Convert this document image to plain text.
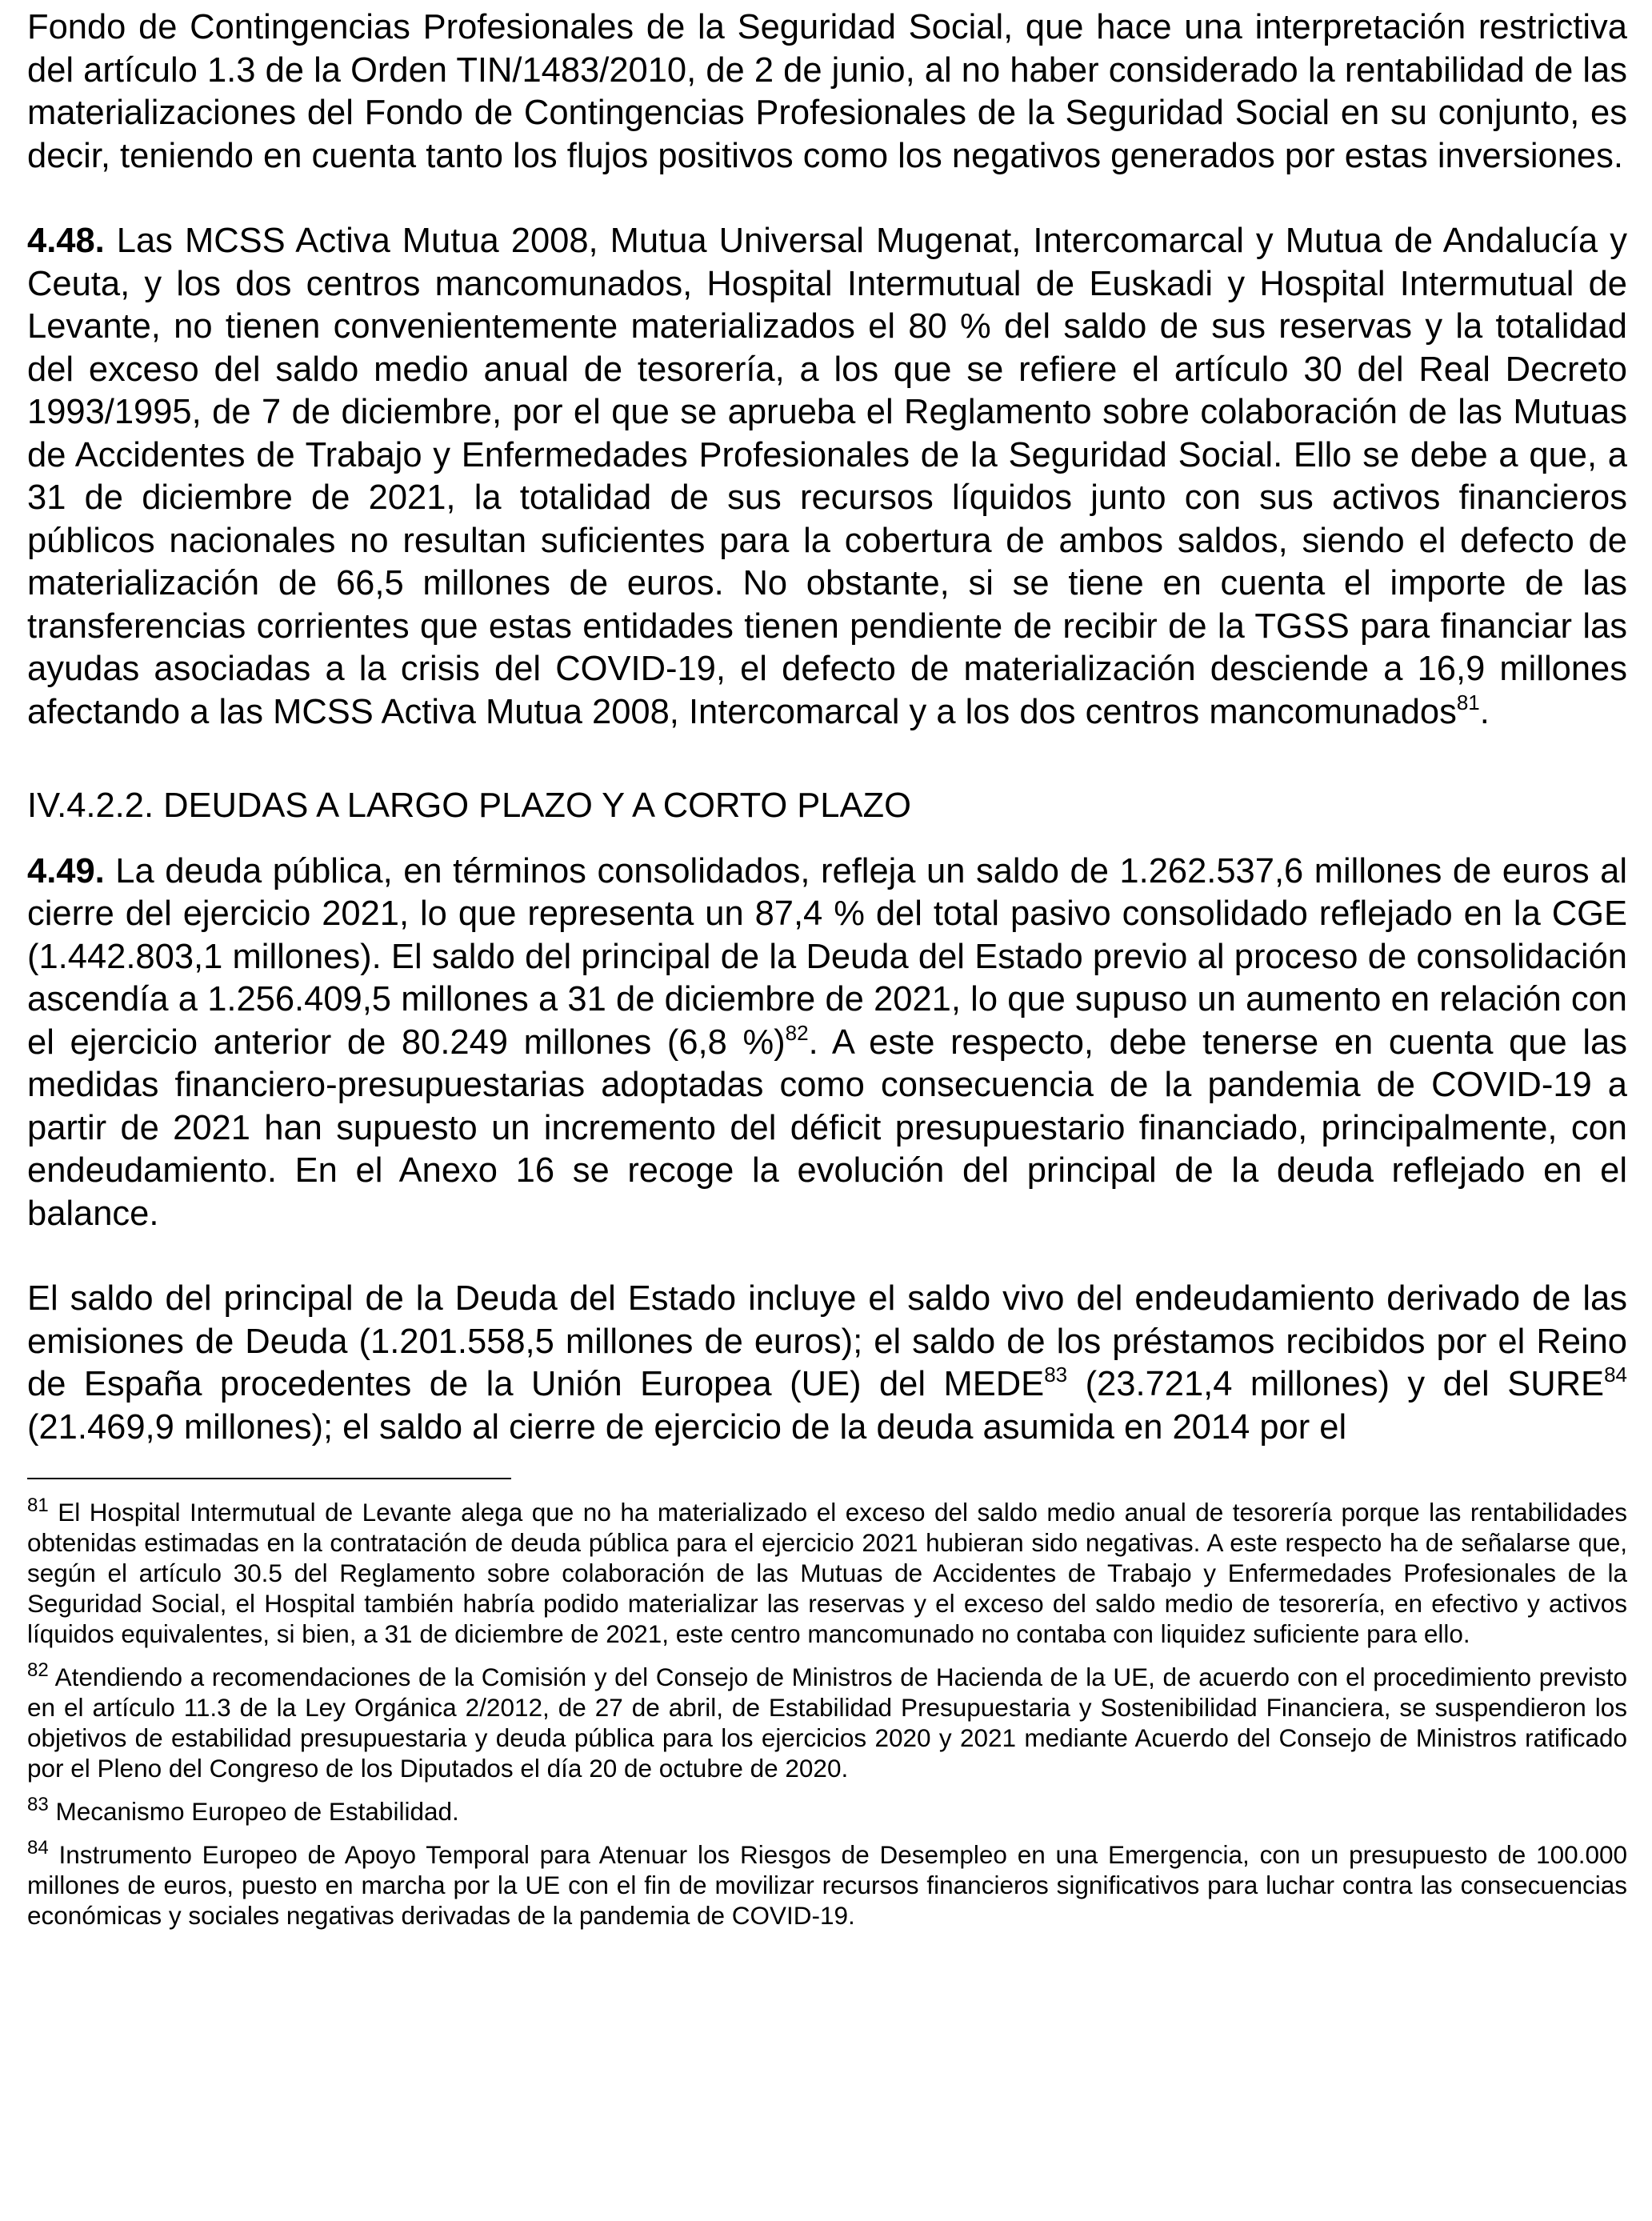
Fondo de Contingencias Profesionales de la Seguridad Social, que hace una interpretación restrictiva del artículo 1.3 de la Orden TIN/1483/2010, de 2 de junio, al no haber considerado la rentabilidad de las materializaciones del Fondo de Contingencias Profesionales de la Seguridad Social en su conjunto, es decir, teniendo en cuenta tanto los flujos positivos como los negativos generados por estas inversiones.

4.48. Las MCSS Activa Mutua 2008, Mutua Universal Mugenat, Intercomarcal y Mutua de Andalucía y Ceuta, y los dos centros mancomunados, Hospital Intermutual de Euskadi y Hospital Intermutual de Levante, no tienen convenientemente materializados el 80 % del saldo de sus reservas y la totalidad del exceso del saldo medio anual de tesorería, a los que se refiere el artículo 30 del Real Decreto 1993/1995, de 7 de diciembre, por el que se aprueba el Reglamento sobre colaboración de las Mutuas de Accidentes de Trabajo y Enfermedades Profesionales de la Seguridad Social. Ello se debe a que, a 31 de diciembre de 2021, la totalidad de sus recursos líquidos junto con sus activos financieros públicos nacionales no resultan suficientes para la cobertura de ambos saldos, siendo el defecto de materialización de 66,5 millones de euros. No obstante, si se tiene en cuenta el importe de las transferencias corrientes que estas entidades tienen pendiente de recibir de la TGSS para financiar las ayudas asociadas a la crisis del COVID-19, el defecto de materialización desciende a 16,9 millones afectando a las MCSS Activa Mutua 2008, Intercomarcal y a los dos centros mancomunados$^{81}$.

IV.4.2.2. DEUDAS A LARGO PLAZO Y A CORTO PLAZO

4.49. La deuda pública, en términos consolidados, refleja un saldo de 1.262.537,6 millones de euros al cierre del ejercicio 2021, lo que representa un 87,4 % del total pasivo consolidado reflejado en la CGE (1.442.803,1 millones). El saldo del principal de la Deuda del Estado previo al proceso de consolidación ascendía a 1.256.409,5 millones a 31 de diciembre de 2021, lo que supuso un aumento en relación con el ejercicio anterior de 80.249 millones (6,8 %)$^{82}$. A este respecto, debe tenerse en cuenta que las medidas financiero-presupuestarias adoptadas como consecuencia de la pandemia de COVID-19 a partir de 2021 han supuesto un incremento del déficit presupuestario financiado, principalmente, con endeudamiento. En el Anexo 16 se recoge la evolución del principal de la deuda reflejado en el balance.

El saldo del principal de la Deuda del Estado incluye el saldo vivo del endeudamiento derivado de las emisiones de Deuda (1.201.558,5 millones de euros); el saldo de los préstamos recibidos por el Reino de España procedentes de la Unión Europea (UE) del MEDE$^{83}$ (23.721,4 millones) y del SURE$^{84}$ (21.469,9 millones); el saldo al cierre de ejercicio de la deuda asumida en 2014 por el

$^{81}$ El Hospital Intermutual de Levante alega que no ha materializado el exceso del saldo medio anual de tesorería porque las rentabilidades obtenidas estimadas en la contratación de deuda pública para el ejercicio 2021 hubieran sido negativas. A este respecto ha de señalarse que, según el artículo 30.5 del Reglamento sobre colaboración de las Mutuas de Accidentes de Trabajo y Enfermedades Profesionales de la Seguridad Social, el Hospital también habría podido materializar las reservas y el exceso del saldo medio de tesorería, en efectivo y activos líquidos equivalentes, si bien, a 31 de diciembre de 2021, este centro mancomunado no contaba con liquidez suficiente para ello.

$^{82}$ Atendiendo a recomendaciones de la Comisión y del Consejo de Ministros de Hacienda de la UE, de acuerdo con el procedimiento previsto en el artículo 11.3 de la Ley Orgánica 2/2012, de 27 de abril, de Estabilidad Presupuestaria y Sostenibilidad Financiera, se suspendieron los objetivos de estabilidad presupuestaria y deuda pública para los ejercicios 2020 y 2021 mediante Acuerdo del Consejo de Ministros ratificado por el Pleno del Congreso de los Diputados el día 20 de octubre de 2020.

$^{83}$ Mecanismo Europeo de Estabilidad.

$^{84}$ Instrumento Europeo de Apoyo Temporal para Atenuar los Riesgos de Desempleo en una Emergencia, con un presupuesto de 100.000 millones de euros, puesto en marcha por la UE con el fin de movilizar recursos financieros significativos para luchar contra las consecuencias económicas y sociales negativas derivadas de la pandemia de COVID-19.
